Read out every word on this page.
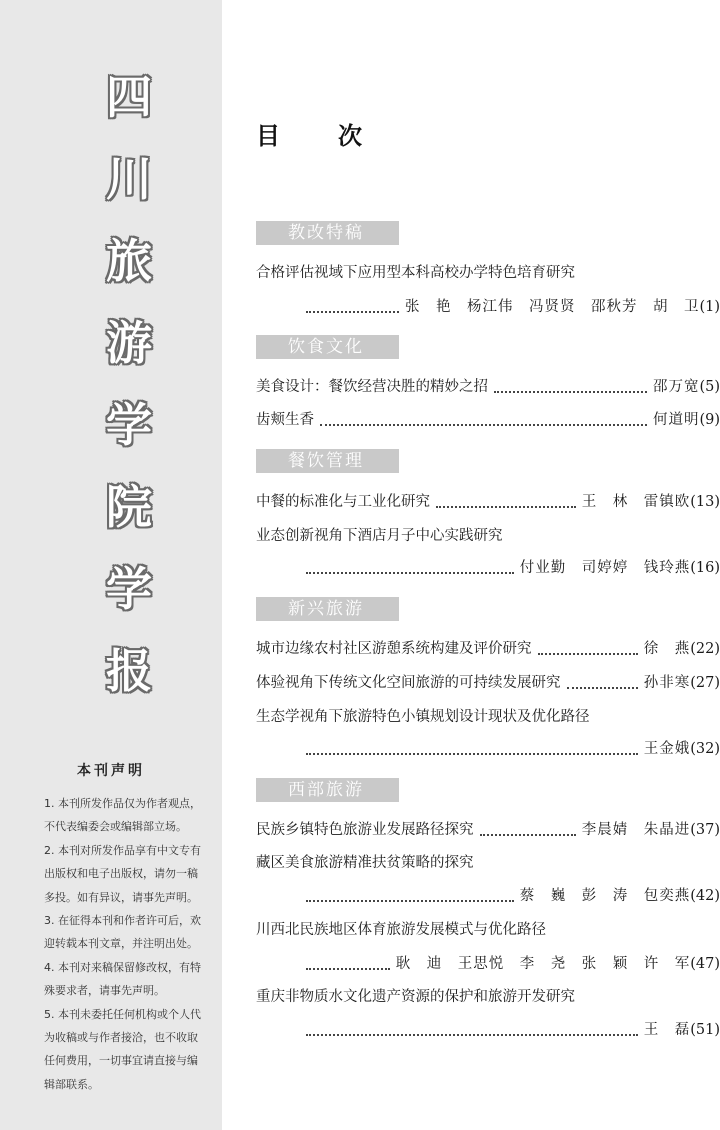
四
川
旅
游
学
院
学
报
本刊声明

1. 本刊所发作品仅为作者观点，

不代表编委会或编辑部立场。

2. 本刊对所发作品享有中文专有

出版权和电子出版权，请勿一稿

多投。如有异议，请事先声明。

3. 在征得本刊和作者许可后，欢

迎转载本刊文章，并注明出处。

4. 本刊对来稿保留修改权，有特

殊要求者，请事先声明。

5. 本刊未委托任何机构或个人代

为收稿或与作者接洽，也不收取

任何费用，一切事宜请直接与编

辑部联系。

目 次
教改特稿
合格评估视域下应用型本科高校办学特色培育研究
张　艳　杨江伟　冯贤贤　邵秋芳　胡　卫 (1)
饮食文化
美食设计：餐饮经营决胜的精妙之招	邵万宽 (5)
齿颊生香	何道明 (9)
餐饮管理
中餐的标准化与工业化研究	王　林　雷镇欧 (13)
业态创新视角下酒店月子中心实践研究
付业勤　司婷婷　钱玲燕 (16)
新兴旅游
城市边缘农村社区游憩系统构建及评价研究	徐　燕 (22)
体验视角下传统文化空间旅游的可持续发展研究	孙非寒 (27)
生态学视角下旅游特色小镇规划设计现状及优化路径
王金娥 (32)
西部旅游
民族乡镇特色旅游业发展路径探究	李晨婧　朱晶进 (37)
藏区美食旅游精准扶贫策略的探究
蔡　巍　彭　涛　包奕燕 (42)
川西北民族地区体育旅游发展模式与优化路径
耿　迪　王思悦　李　尧　张　颖　许　军 (47)
重庆非物质水文化遗产资源的保护和旅游开发研究
王　磊 (51)
